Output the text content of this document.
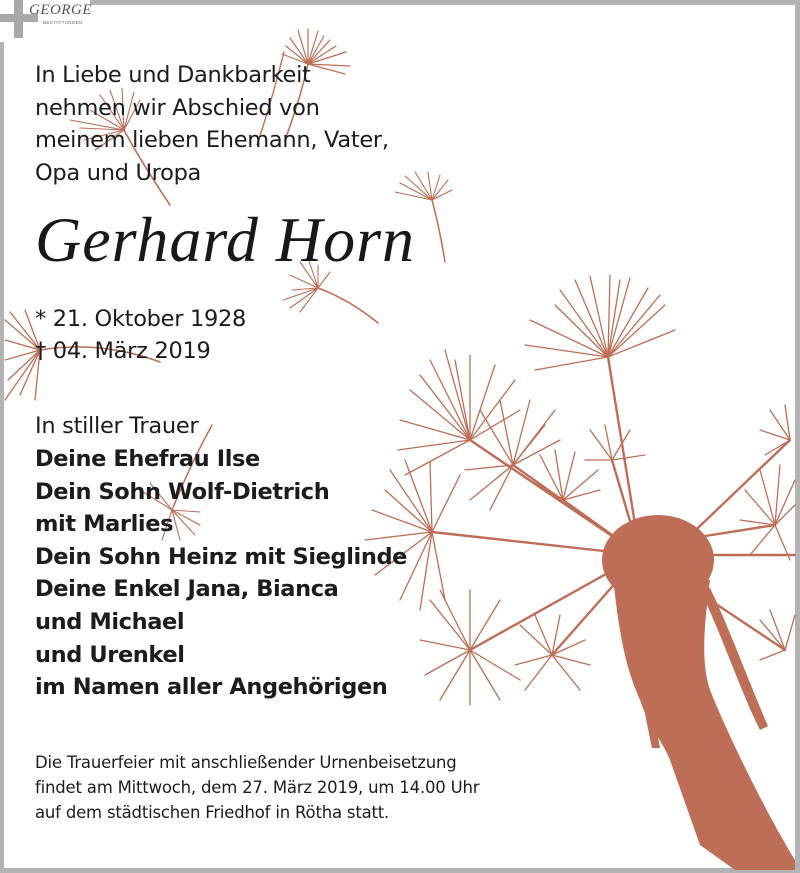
GEORGE
BESTATTUNGEN
In Liebe und Dankbarkeit
nehmen wir Abschied von
meinem lieben Ehemann, Vater,
Opa und Uropa
Gerhard Horn
* 21. Oktober 1928
† 04. März 2019
In stiller Trauer
Deine Ehefrau Ilse
Dein Sohn Wolf-Dietrich
mit Marlies
Dein Sohn Heinz mit Sieglinde
Deine Enkel Jana, Bianca
und Michael
und Urenkel
im Namen aller Angehörigen
Die Trauerfeier mit anschließender Urnenbeisetzung
findet am Mittwoch, dem 27. März 2019, um 14.00 Uhr
auf dem städtischen Friedhof in Rötha statt.
